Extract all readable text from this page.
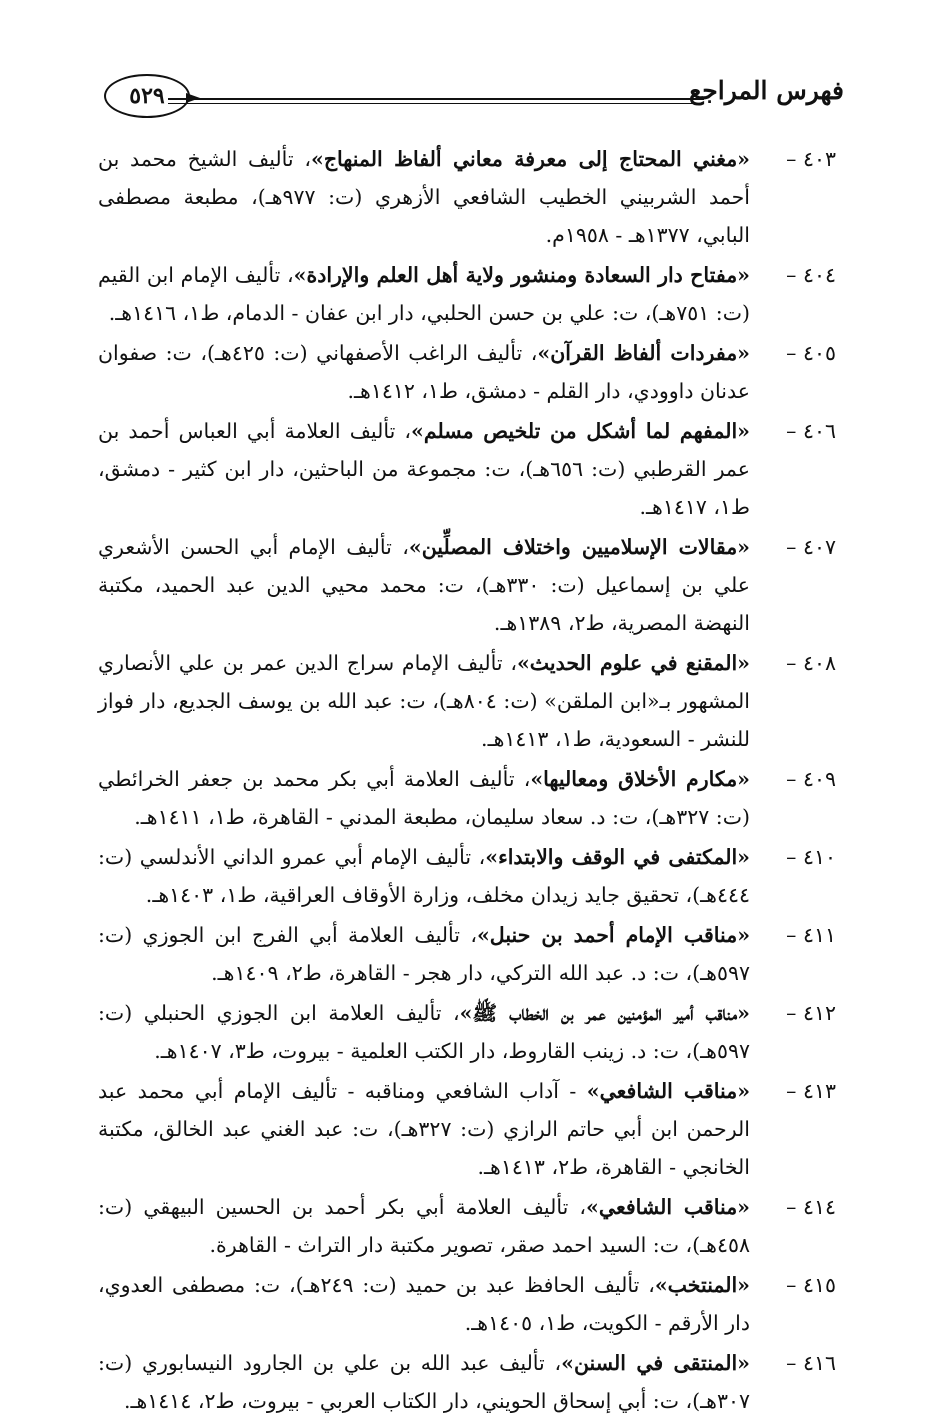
فهرس المراجع
٥٢٩
٤٠٣ –
«مغني المحتاج إلى معرفة معاني ألفاظ المنهاج»، تأليف الشيخ محمد بن أحمد الشربيني الخطيب الشافعي الأزهري (ت: ٩٧٧هـ)، مطبعة مصطفى البابي، ١٣٧٧هـ - ١٩٥٨م.
٤٠٤ –
«مفتاح دار السعادة ومنشور ولاية أهل العلم والإرادة»، تأليف الإمام ابن القيم (ت: ٧٥١هـ)، ت: علي بن حسن الحلبي، دار ابن عفان - الدمام، ط١، ١٤١٦هـ.
٤٠٥ –
«مفردات ألفاظ القرآن»، تأليف الراغب الأصفهاني (ت: ٤٢٥هـ)، ت: صفوان عدنان داوودي، دار القلم - دمشق، ط١، ١٤١٢هـ.
٤٠٦ –
«المفهم لما أشكل من تلخيص مسلم»، تأليف العلامة أبي العباس أحمد بن عمر القرطبي (ت: ٦٥٦هـ)، ت: مجموعة من الباحثين، دار ابن كثير - دمشق، ط١، ١٤١٧هـ.
٤٠٧ –
«مقالات الإسلاميين واختلاف المصلِّين»، تأليف الإمام أبي الحسن الأشعري علي بن إسماعيل (ت: ٣٣٠هـ)، ت: محمد محيي الدين عبد الحميد، مكتبة النهضة المصرية، ط٢، ١٣٨٩هـ.
٤٠٨ –
«المقنع في علوم الحديث»، تأليف الإمام سراج الدين عمر بن علي الأنصاري المشهور بـ«ابن الملقن» (ت: ٨٠٤هـ)، ت: عبد الله بن يوسف الجديع، دار فواز للنشر - السعودية، ط١، ١٤١٣هـ.
٤٠٩ –
«مكارم الأخلاق ومعاليها»، تأليف العلامة أبي بكر محمد بن جعفر الخرائطي (ت: ٣٢٧هـ)، ت: د. سعاد سليمان، مطبعة المدني - القاهرة، ط١، ١٤١١هـ.
٤١٠ –
«المكتفى في الوقف والابتداء»، تأليف الإمام أبي عمرو الداني الأندلسي (ت: ٤٤٤هـ)، تحقيق جايد زيدان مخلف، وزارة الأوقاف العراقية، ط١، ١٤٠٣هـ.
٤١١ –
«مناقب الإمام أحمد بن حنبل»، تأليف العلامة أبي الفرج ابن الجوزي (ت: ٥٩٧هـ)، ت: د. عبد الله التركي، دار هجر - القاهرة، ط٢، ١٤٠٩هـ.
٤١٢ –
«مناقب أمير المؤمنين عمر بن الخطاب ﷺ»، تأليف العلامة ابن الجوزي الحنبلي (ت: ٥٩٧هـ)، ت: د. زينب القاروط، دار الكتب العلمية - بيروت، ط٣، ١٤٠٧هـ.
٤١٣ –
«مناقب الشافعي» - آداب الشافعي ومناقبه - تأليف الإمام أبي محمد عبد الرحمن ابن أبي حاتم الرازي (ت: ٣٢٧هـ)، ت: عبد الغني عبد الخالق، مكتبة الخانجي - القاهرة، ط٢، ١٤١٣هـ.
٤١٤ –
«مناقب الشافعي»، تأليف العلامة أبي بكر أحمد بن الحسين البيهقي (ت: ٤٥٨هـ)، ت: السيد احمد صقر، تصوير مكتبة دار التراث - القاهرة.
٤١٥ –
«المنتخب»، تأليف الحافظ عبد بن حميد (ت: ٢٤٩هـ)، ت: مصطفى العدوي، دار الأرقم - الكويت، ط١، ١٤٠٥هـ.
٤١٦ –
«المنتقى في السنن»، تأليف عبد الله بن علي بن الجارود النيسابوري (ت: ٣٠٧هـ)، ت: أبي إسحاق الحويني، دار الكتاب العربي - بيروت، ط٢، ١٤١٤هـ.
